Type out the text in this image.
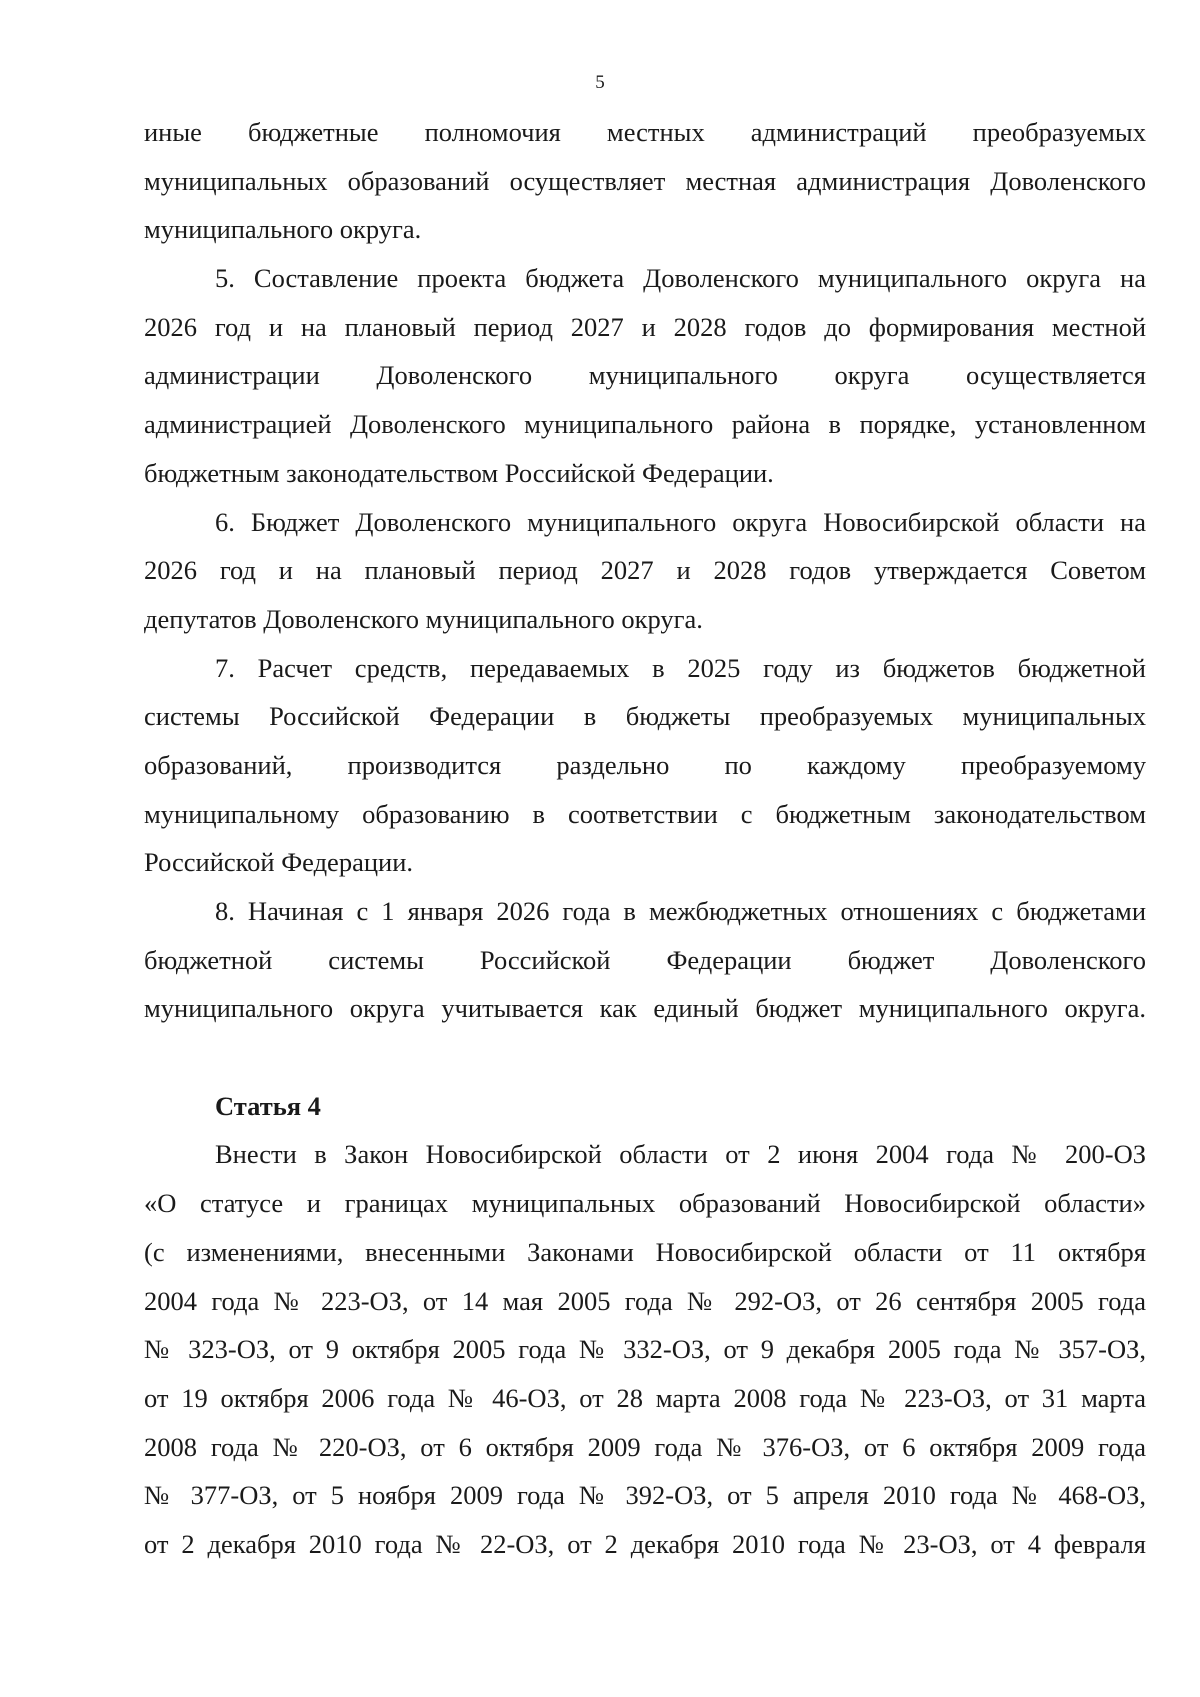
5
иные бюджетные полномочия местных администраций преобразуемых
муниципальных образований осуществляет местная администрация Доволенского
муниципального округа.
5. Составление проекта бюджета Доволенского муниципального округа на
2026 год и на плановый период 2027 и 2028 годов до формирования местной
администрации Доволенского муниципального округа осуществляется
администрацией Доволенского муниципального района в порядке, установленном
бюджетным законодательством Российской Федерации.
6. Бюджет Доволенского муниципального округа Новосибирской области на
2026 год и на плановый период 2027 и 2028 годов утверждается Советом
депутатов Доволенского муниципального округа.
7. Расчет средств, передаваемых в 2025 году из бюджетов бюджетной
системы Российской Федерации в бюджеты преобразуемых муниципальных
образований, производится раздельно по каждому преобразуемому
муниципальному образованию в соответствии с бюджетным законодательством
Российской Федерации.
8. Начиная с 1 января 2026 года в межбюджетных отношениях с бюджетами
бюджетной системы Российской Федерации бюджет Доволенского
муниципального округа учитывается как единый бюджет муниципального округа.
Статья 4
Внести в Закон Новосибирской области от 2 июня 2004 года № 200-ОЗ
«О статусе и границах муниципальных образований Новосибирской области»
(с изменениями, внесенными Законами Новосибирской области от 11 октября
2004 года № 223-ОЗ, от 14 мая 2005 года № 292-ОЗ, от 26 сентября 2005 года
№ 323-ОЗ, от 9 октября 2005 года № 332-ОЗ, от 9 декабря 2005 года № 357-ОЗ,
от 19 октября 2006 года № 46-ОЗ, от 28 марта 2008 года № 223-ОЗ, от 31 марта
2008 года № 220-ОЗ, от 6 октября 2009 года № 376-ОЗ, от 6 октября 2009 года
№ 377-ОЗ, от 5 ноября 2009 года № 392-ОЗ, от 5 апреля 2010 года № 468-ОЗ,
от 2 декабря 2010 года № 22-ОЗ, от 2 декабря 2010 года № 23-ОЗ, от 4 февраля
